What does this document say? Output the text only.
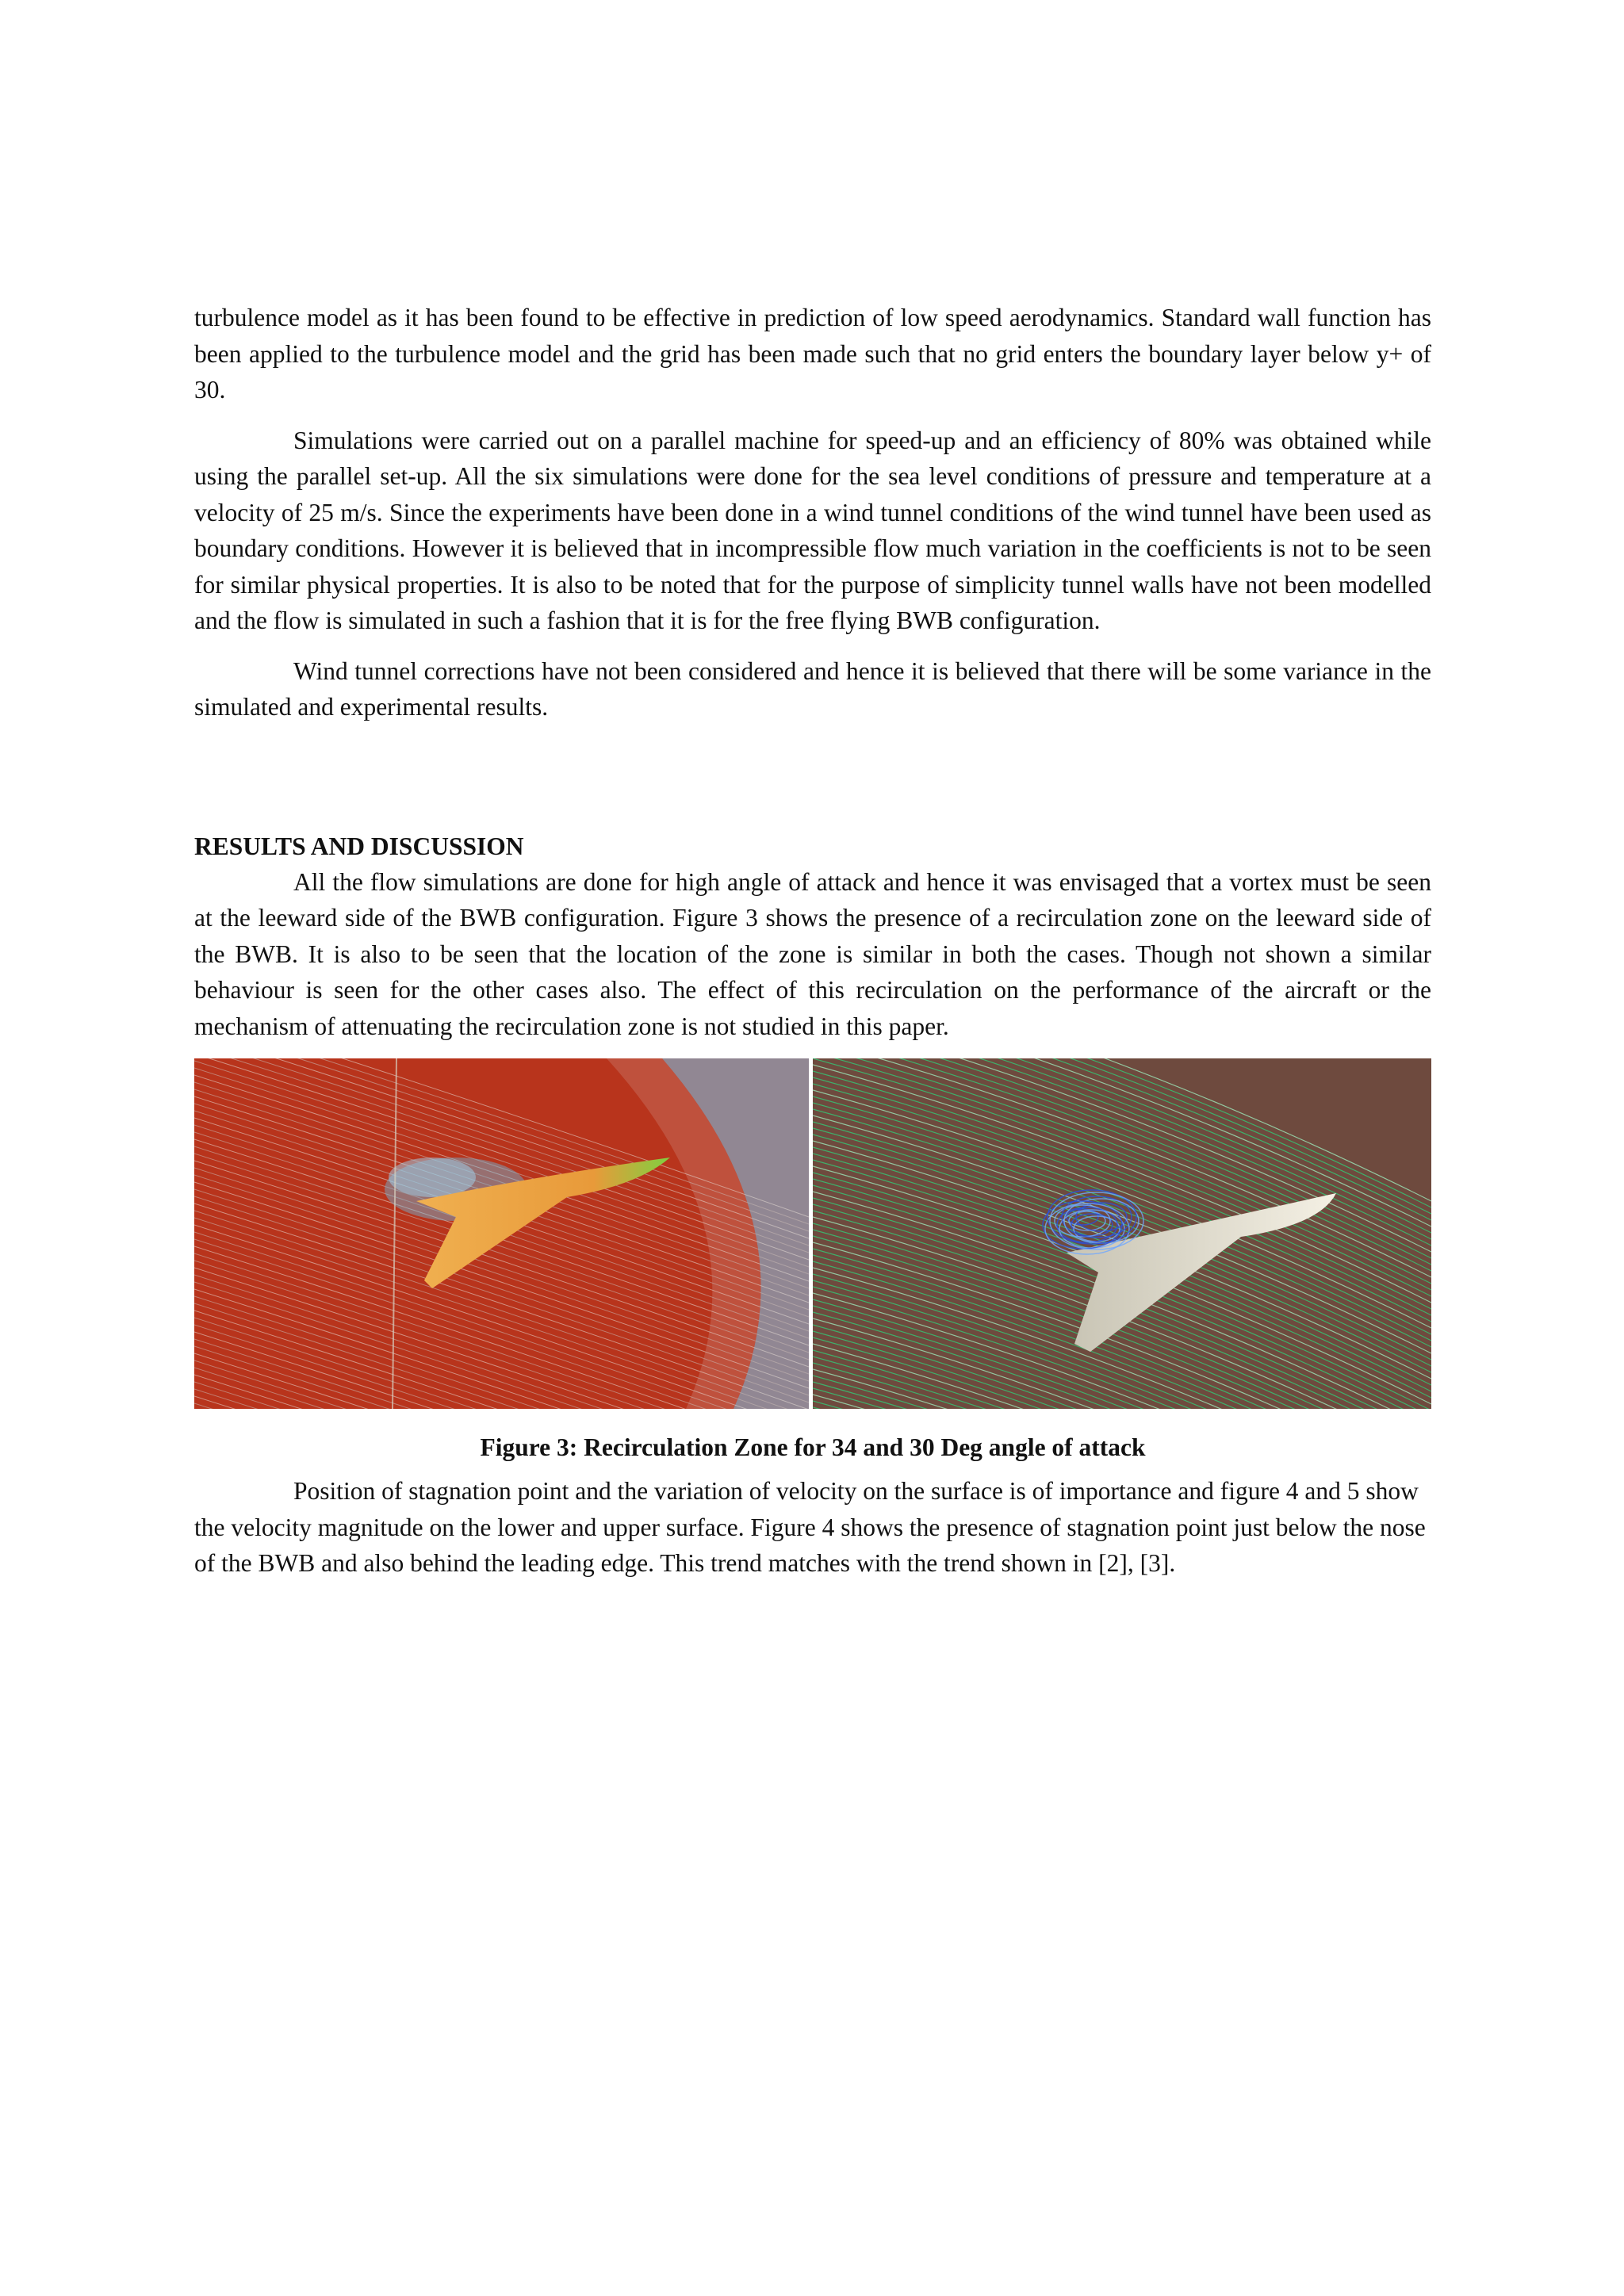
turbulence model as it has been found to be effective in prediction of low speed aerodynamics. Standard wall function has been applied to the turbulence model and the grid has been made such that no grid enters the boundary layer below y+ of 30.

Simulations were carried out on a parallel machine for speed-up and an efficiency of 80% was obtained while using the parallel set-up. All the six simulations were done for the sea level conditions of pressure and temperature at a velocity of 25 m/s. Since the experiments have been done in a wind tunnel conditions of the wind tunnel have been used as boundary conditions. However it is believed that in incompressible flow much variation in the coefficients is not to be seen for similar physical properties. It is also to be noted that for the purpose of simplicity tunnel walls have not been modelled and the flow is simulated in such a fashion that it is for the free flying BWB configuration.

Wind tunnel corrections have not been considered and hence it is believed that there will be some variance in the simulated and experimental results.

RESULTS AND DISCUSSION

All the flow simulations are done for high angle of attack and hence it was envisaged that a vortex must be seen at the leeward side of the BWB configuration. Figure 3 shows the presence of a recirculation zone on the leeward side of the BWB. It is also to be seen that the location of the zone is similar in both the cases. Though not shown a similar behaviour is seen for the other cases also. The effect of this recirculation on the performance of the aircraft or the mechanism of attenuating the recirculation zone is not studied in this paper.

Figure 3: Recirculation Zone for 34 and 30 Deg angle of attack

Position of stagnation point and the variation of velocity on the surface is of importance and figure 4 and 5 show the velocity magnitude on the lower and upper surface. Figure 4 shows the presence of stagnation point just below the nose of the BWB and also behind the leading edge. This trend matches with the trend shown in [2], [3].
